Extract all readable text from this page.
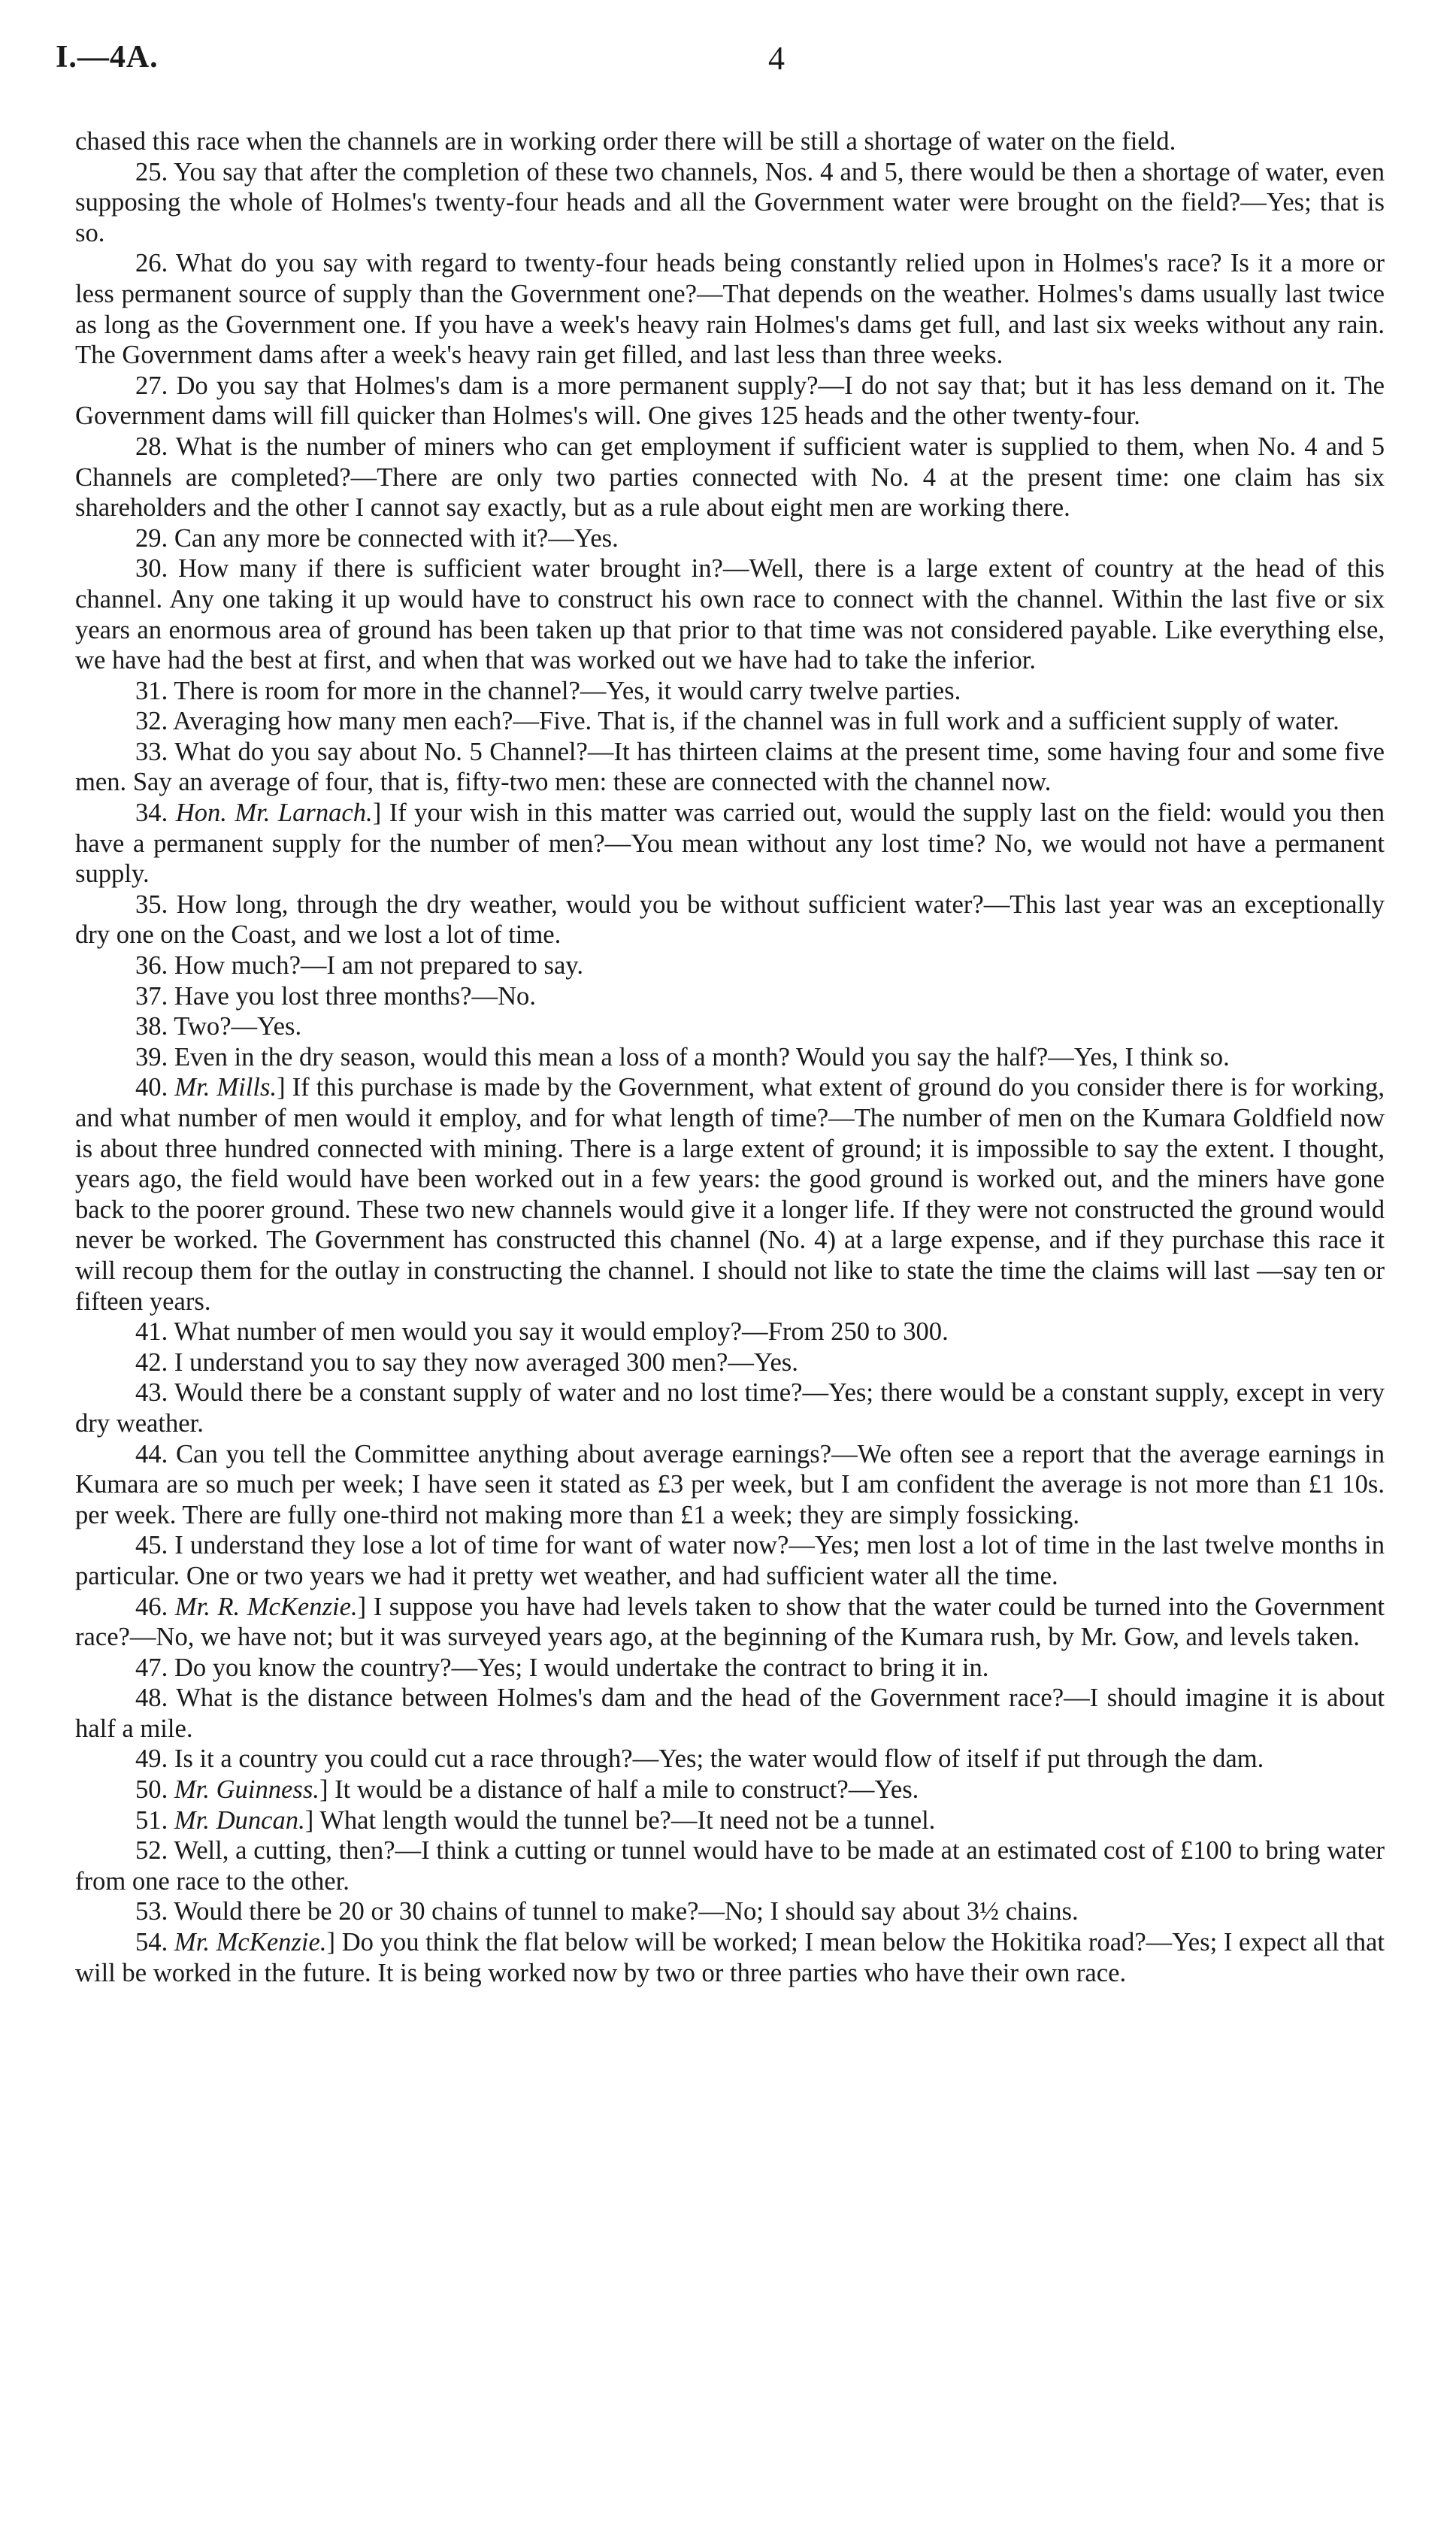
I.—4A.	4

chased this race when the channels are in working order there will be still a shortage of water on the field.

25. You say that after the completion of these two channels, Nos. 4 and 5, there would be then a shortage of water, even supposing the whole of Holmes's twenty-four heads and all the Government water were brought on the field?—Yes; that is so.

26. What do you say with regard to twenty-four heads being constantly relied upon in Holmes's race? Is it a more or less permanent source of supply than the Government one?—That depends on the weather. Holmes's dams usually last twice as long as the Government one. If you have a week's heavy rain Holmes's dams get full, and last six weeks without any rain. The Government dams after a week's heavy rain get filled, and last less than three weeks.

27. Do you say that Holmes's dam is a more permanent supply?—I do not say that; but it has less demand on it. The Government dams will fill quicker than Holmes's will. One gives 125 heads and the other twenty-four.

28. What is the number of miners who can get employment if sufficient water is supplied to them, when No. 4 and 5 Channels are completed?—There are only two parties connected with No. 4 at the present time: one claim has six shareholders and the other I cannot say exactly, but as a rule about eight men are working there.

29. Can any more be connected with it?—Yes.

30. How many if there is sufficient water brought in?—Well, there is a large extent of country at the head of this channel. Any one taking it up would have to construct his own race to connect with the channel. Within the last five or six years an enormous area of ground has been taken up that prior to that time was not considered payable. Like everything else, we have had the best at first, and when that was worked out we have had to take the inferior.

31. There is room for more in the channel?—Yes, it would carry twelve parties.

32. Averaging how many men each?—Five. That is, if the channel was in full work and a sufficient supply of water.

33. What do you say about No. 5 Channel?—It has thirteen claims at the present time, some having four and some five men. Say an average of four, that is, fifty-two men: these are connected with the channel now.

34. Hon. Mr. Larnach.] If your wish in this matter was carried out, would the supply last on the field: would you then have a permanent supply for the number of men?—You mean without any lost time? No, we would not have a permanent supply.

35. How long, through the dry weather, would you be without sufficient water?—This last year was an exceptionally dry one on the Coast, and we lost a lot of time.

36. How much?—I am not prepared to say.

37. Have you lost three months?—No.

38. Two?—Yes.

39. Even in the dry season, would this mean a loss of a month? Would you say the half?—Yes, I think so.

40. Mr. Mills.] If this purchase is made by the Government, what extent of ground do you consider there is for working, and what number of men would it employ, and for what length of time?—The number of men on the Kumara Goldfield now is about three hundred connected with mining. There is a large extent of ground; it is impossible to say the extent. I thought, years ago, the field would have been worked out in a few years: the good ground is worked out, and the miners have gone back to the poorer ground. These two new channels would give it a longer life. If they were not constructed the ground would never be worked. The Government has constructed this channel (No. 4) at a large expense, and if they purchase this race it will recoup them for the outlay in constructing the channel. I should not like to state the time the claims will last —say ten or fifteen years.

41. What number of men would you say it would employ?—From 250 to 300.

42. I understand you to say they now averaged 300 men?—Yes.

43. Would there be a constant supply of water and no lost time?—Yes; there would be a constant supply, except in very dry weather.

44. Can you tell the Committee anything about average earnings?—We often see a report that the average earnings in Kumara are so much per week; I have seen it stated as £3 per week, but I am confident the average is not more than £1 10s. per week. There are fully one-third not making more than £1 a week; they are simply fossicking.

45. I understand they lose a lot of time for want of water now?—Yes; men lost a lot of time in the last twelve months in particular. One or two years we had it pretty wet weather, and had sufficient water all the time.

46. Mr. R. McKenzie.] I suppose you have had levels taken to show that the water could be turned into the Government race?—No, we have not; but it was surveyed years ago, at the beginning of the Kumara rush, by Mr. Gow, and levels taken.

47. Do you know the country?—Yes; I would undertake the contract to bring it in.

48. What is the distance between Holmes's dam and the head of the Government race?—I should imagine it is about half a mile.

49. Is it a country you could cut a race through?—Yes; the water would flow of itself if put through the dam.

50. Mr. Guinness.] It would be a distance of half a mile to construct?—Yes.

51. Mr. Duncan.] What length would the tunnel be?—It need not be a tunnel.

52. Well, a cutting, then?—I think a cutting or tunnel would have to be made at an estimated cost of £100 to bring water from one race to the other.

53. Would there be 20 or 30 chains of tunnel to make?—No; I should say about 3½ chains.

54. Mr. McKenzie.] Do you think the flat below will be worked; I mean below the Hokitika road?—Yes; I expect all that will be worked in the future. It is being worked now by two or three parties who have their own race.
